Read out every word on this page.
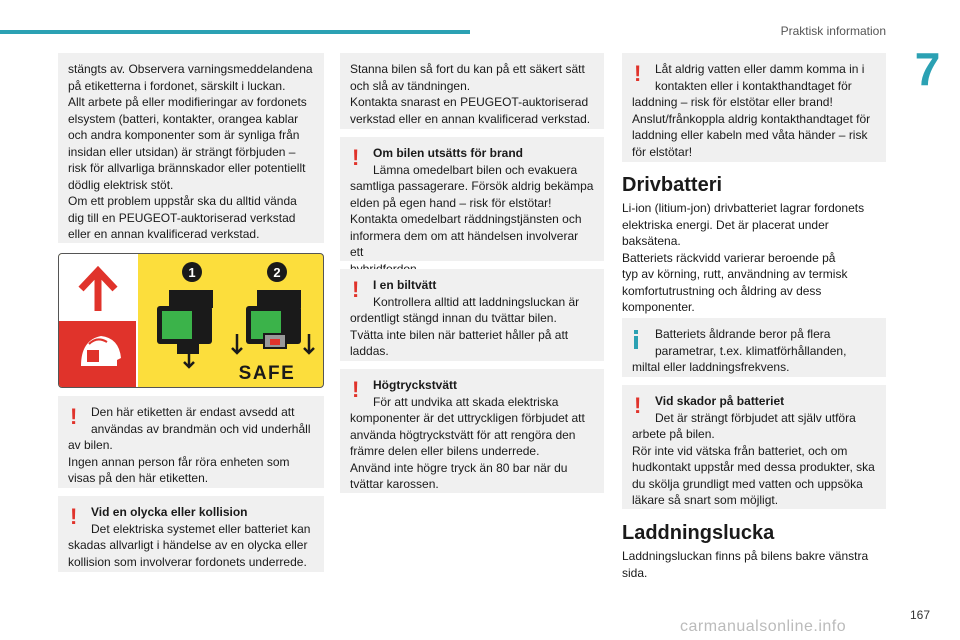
Praktisk information
7

stängts av. Observera varningsmeddelandena

på etiketterna i fordonet, särskilt i luckan.

Allt arbete på eller modifieringar av fordonets

elsystem (batteri, kontakter, orangea kablar

och andra komponenter som är synliga från

insidan eller utsidan) är strängt förbjuden –

risk för allvarliga brännskador eller potentiellt

dödlig elektrisk stöt.

Om ett problem uppstår ska du alltid vända

dig till en PEUGEOT-auktoriserad verkstad

eller en annan kvalificerad verkstad.

1	2
SAFE
!	Den här etiketten är endast avsedd att

användas av brandmän och vid underhåll

av bilen.

Ingen annan person får röra enheten som

visas på den här etiketten.

!	Vid en olycka eller kollision

Det elektriska systemet eller batteriet kan

skadas allvarligt i händelse av en olycka eller

kollision som involverar fordonets underrede.

Stanna bilen så fort du kan på ett säkert sätt

och slå av tändningen.

Kontakta snarast en PEUGEOT-auktoriserad

verkstad eller en annan kvalificerad verkstad.

!	Om bilen utsätts för brand

Lämna omedelbart bilen och evakuera

samtliga passagerare. Försök aldrig bekämpa

elden på egen hand – risk för elstötar!

Kontakta omedelbart räddningstjänsten och

informera dem om att händelsen involverar ett

!	I en biltvätt

Kontrollera alltid att laddningsluckan är

ordentligt stängd innan du tvättar bilen.

Tvätta inte bilen när batteriet håller på att

laddas.

!	Högtryckstvätt

För att undvika att skada elektriska

komponenter är det uttryckligen förbjudet att

använda högtryckstvätt för att rengöra den

främre delen eller bilens underrede.

Använd inte högre tryck än 80 bar när du

tvättar karossen.

!	Låt aldrig vatten eller damm komma in i

kontakten eller i kontakthandtaget för

laddning – risk för elstötar eller brand!

Anslut/frånkoppla aldrig kontakthandtaget för

laddning eller kabeln med våta händer – risk

för elstötar!

Drivbatteri

Li-ion (litium-jon) drivbatteriet lagrar fordonets

elektriska energi. Det är placerat under

baksätena.

Batteriets räckvidd varierar beroende på

typ av körning, rutt, användning av termisk

komfortutrustning och åldring av dess

komponenter.

Batteriets åldrande beror på flera

parametrar, t.ex. klimatförhållanden,

miltal eller laddningsfrekvens.

!	Vid skador på batteriet

Det är strängt förbjudet att själv utföra

arbete på bilen.

Rör inte vid vätska från batteriet, och om

hudkontakt uppstår med dessa produkter, ska

du skölja grundligt med vatten och uppsöka

läkare så snart som möjligt.

Laddningslucka

Laddningsluckan finns på bilens bakre vänstra

sida.

167
carmanualsonline.info
